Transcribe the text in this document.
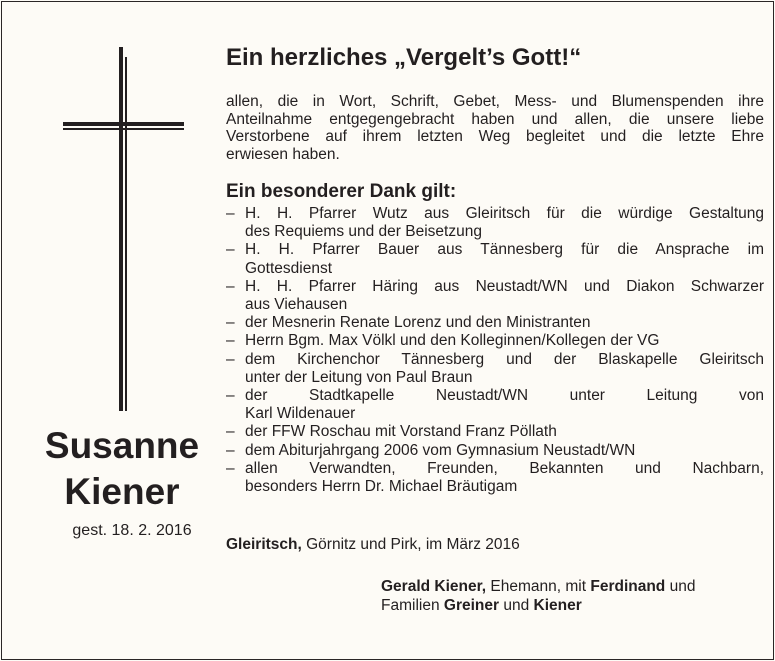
Susanne
Kiener
gest. 18. 2. 2016
Ein herzliches „Vergelt’s Gott!“
allen, die in Wort, Schrift, Gebet, Mess- und Blumenspenden ihre
Anteilnahme entgegengebracht haben und allen, die unsere liebe
Verstorbene auf ihrem letzten Weg begleitet und die letzte Ehre
erwiesen haben.
Ein besonderer Dank gilt:
– H. H. Pfarrer Wutz aus Gleiritsch für die würdige Gestaltung
des Requiems und der Beisetzung
– H. H. Pfarrer Bauer aus Tännesberg für die Ansprache im
Gottesdienst
– H. H. Pfarrer Häring aus Neustadt/WN und Diakon Schwarzer
aus Viehausen
– der Mesnerin Renate Lorenz und den Ministranten
– Herrn Bgm. Max Völkl und den Kolleginnen/Kollegen der VG
– dem Kirchenchor Tännesberg und der Blaskapelle Gleiritsch
unter der Leitung von Paul Braun
– der Stadtkapelle Neustadt/WN unter Leitung von
Karl Wildenauer
– der FFW Roschau mit Vorstand Franz Pöllath
– dem Abiturjahrgang 2006 vom Gymnasium Neustadt/WN
– allen Verwandten, Freunden, Bekannten und Nachbarn,
besonders Herrn Dr. Michael Bräutigam
Gleiritsch, Görnitz und Pirk, im März 2016
Gerald Kiener, Ehemann, mit Ferdinand und
Familien Greiner und Kiener
